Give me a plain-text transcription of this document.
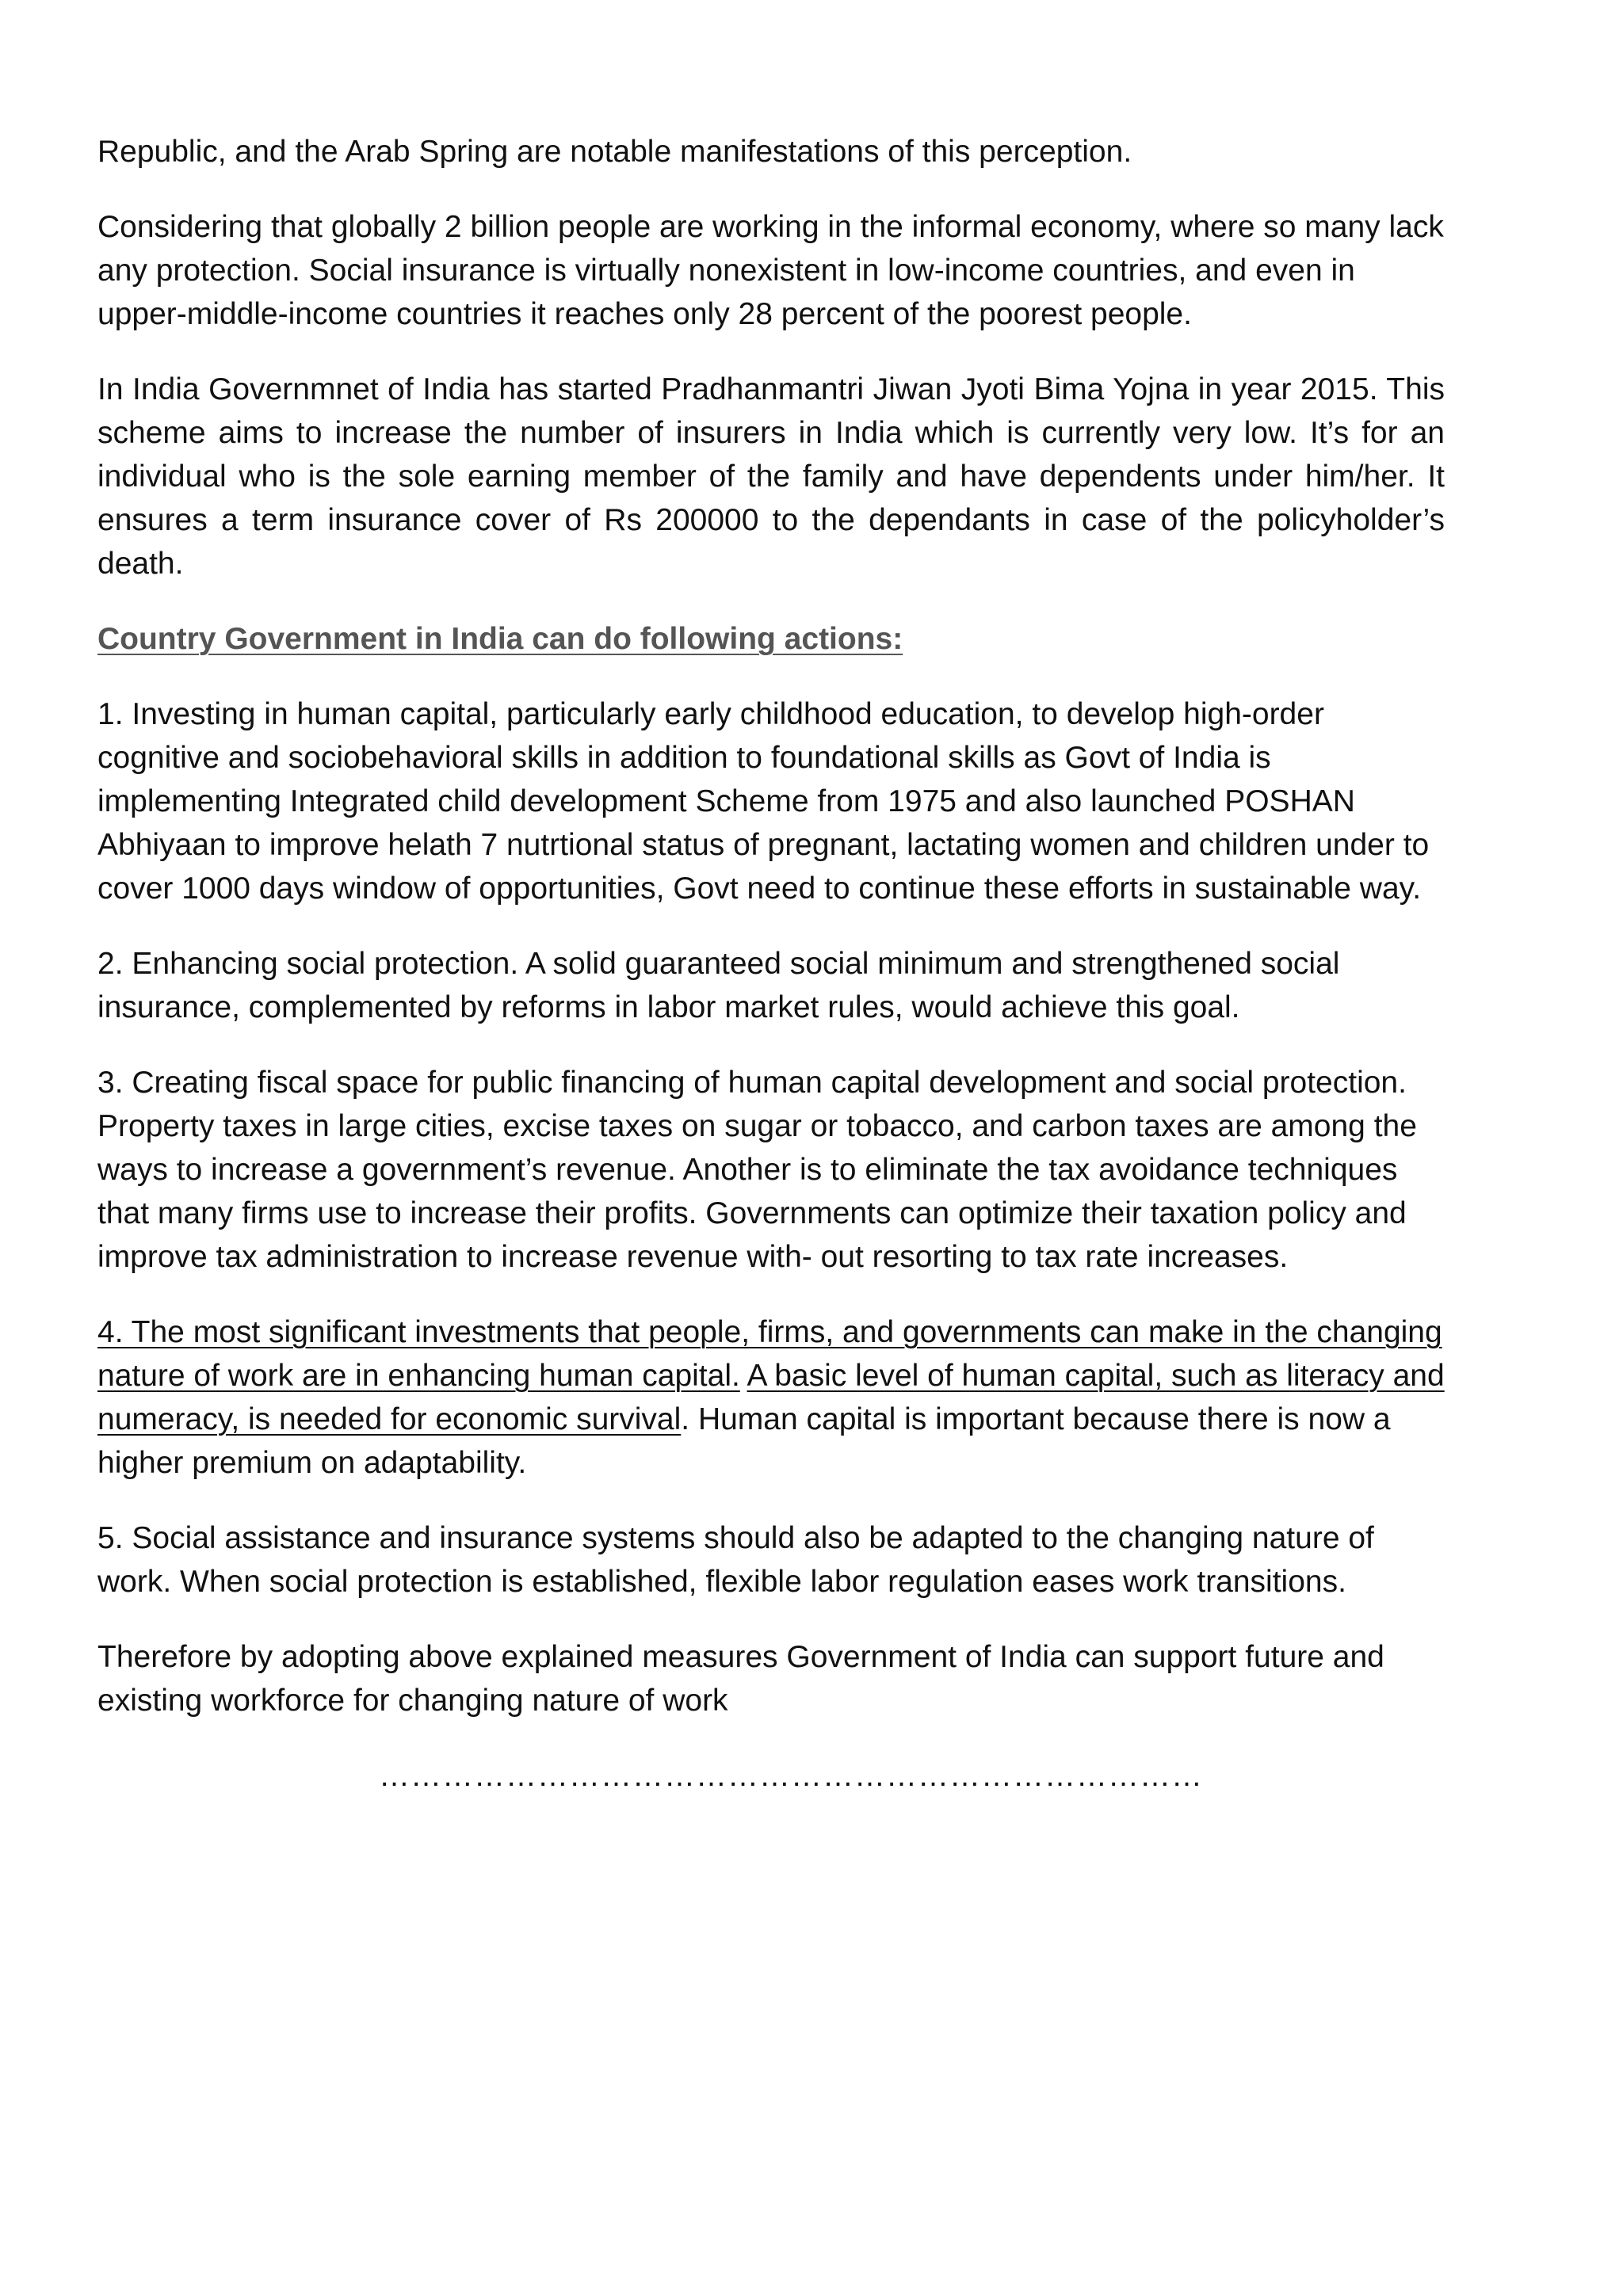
Republic, and the Arab Spring are notable manifestations of this perception.

Considering that globally 2 billion people are working in the informal economy, where so many lack any protection. Social insurance is virtually nonexistent in low-income countries, and even in upper-middle-income countries it reaches only 28 percent of the poorest people.

In India Governmnet of India has started Pradhanmantri Jiwan Jyoti Bima Yojna in year 2015. This scheme aims to increase the number of insurers in India which is currently very low. It’s for an individual who is the sole earning member of the family and have dependents under him/her. It ensures a term insurance cover of Rs 200000 to the dependants in case of the policyholder’s death.

Country Government in India can do following actions:

1. Investing in human capital, particularly early childhood education, to develop high-order cognitive and sociobehavioral skills in addition to foundational skills as Govt of India is implementing Integrated child development Scheme from 1975 and also launched POSHAN Abhiyaan to improve helath 7 nutrtional status of pregnant, lactating women and children under to cover 1000 days window of opportunities, Govt need to continue these efforts in sustainable way.

2. Enhancing social protection. A solid guaranteed social minimum and strengthened social insurance, complemented by reforms in labor market rules, would achieve this goal.

3. Creating fiscal space for public financing of human capital development and social protection. Property taxes in large cities, excise taxes on sugar or tobacco, and carbon taxes are among the ways to increase a government’s revenue. Another is to eliminate the tax avoidance techniques that many firms use to increase their profits. Governments can optimize their taxation policy and improve tax administration to increase revenue with- out resorting to tax rate increases.

4. The most significant investments that people, firms, and governments can make in the changing nature of work are in enhancing human capital. A basic level of human capital, such as literacy and numeracy, is needed for economic survival. Human capital is important because there is now a higher premium on adaptability.

5. Social assistance and insurance systems should also be adapted to the changing nature of work. When social protection is established, flexible labor regulation eases work transitions.

Therefore by adopting above explained measures Government of India can support future and existing workforce for changing nature of work

……………………………………………………………………
